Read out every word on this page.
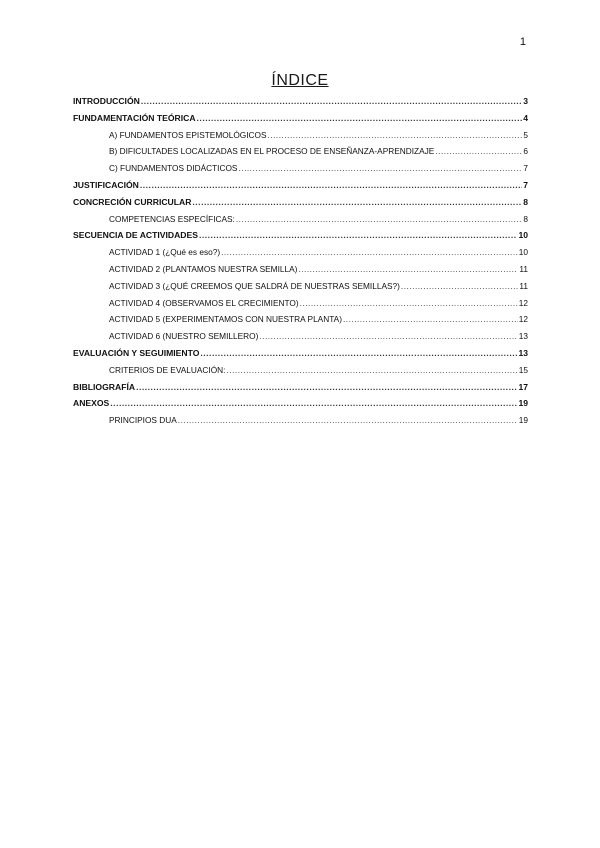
1
ÍNDICE
INTRODUCCIÓN .....	3
FUNDAMENTACIÓN TEÓRICA .....	4
A) FUNDAMENTOS EPISTEMOLÓGICOS .....	5
B) DIFICULTADES LOCALIZADAS EN EL PROCESO DE ENSEÑANZA-APRENDIZAJE .....	6
C) FUNDAMENTOS DIDÁCTICOS .....	7
JUSTIFICACIÓN .....	7
CONCRECIÓN CURRICULAR .....	8
COMPETENCIAS ESPECÍFICAS: .....	8
SECUENCIA DE ACTIVIDADES .....	10
ACTIVIDAD 1 (¿Qué es eso?) .....	10
ACTIVIDAD 2 (PLANTAMOS NUESTRA SEMILLA) .....	11
ACTIVIDAD 3 (¿QUÉ CREEMOS QUE SALDRÁ DE NUESTRAS SEMILLAS?) .....	11
ACTIVIDAD 4 (OBSERVAMOS EL CRECIMIENTO) .....	12
ACTIVIDAD 5 (EXPERIMENTAMOS CON NUESTRA PLANTA) .....	12
ACTIVIDAD 6 (NUESTRO SEMILLERO) .....	13
EVALUACIÓN Y SEGUIMIENTO .....	13
CRITERIOS DE EVALUACIÓN: .....	15
BIBLIOGRAFÍA .....	17
ANEXOS .....	19
PRINCIPIOS DUA .....	19
